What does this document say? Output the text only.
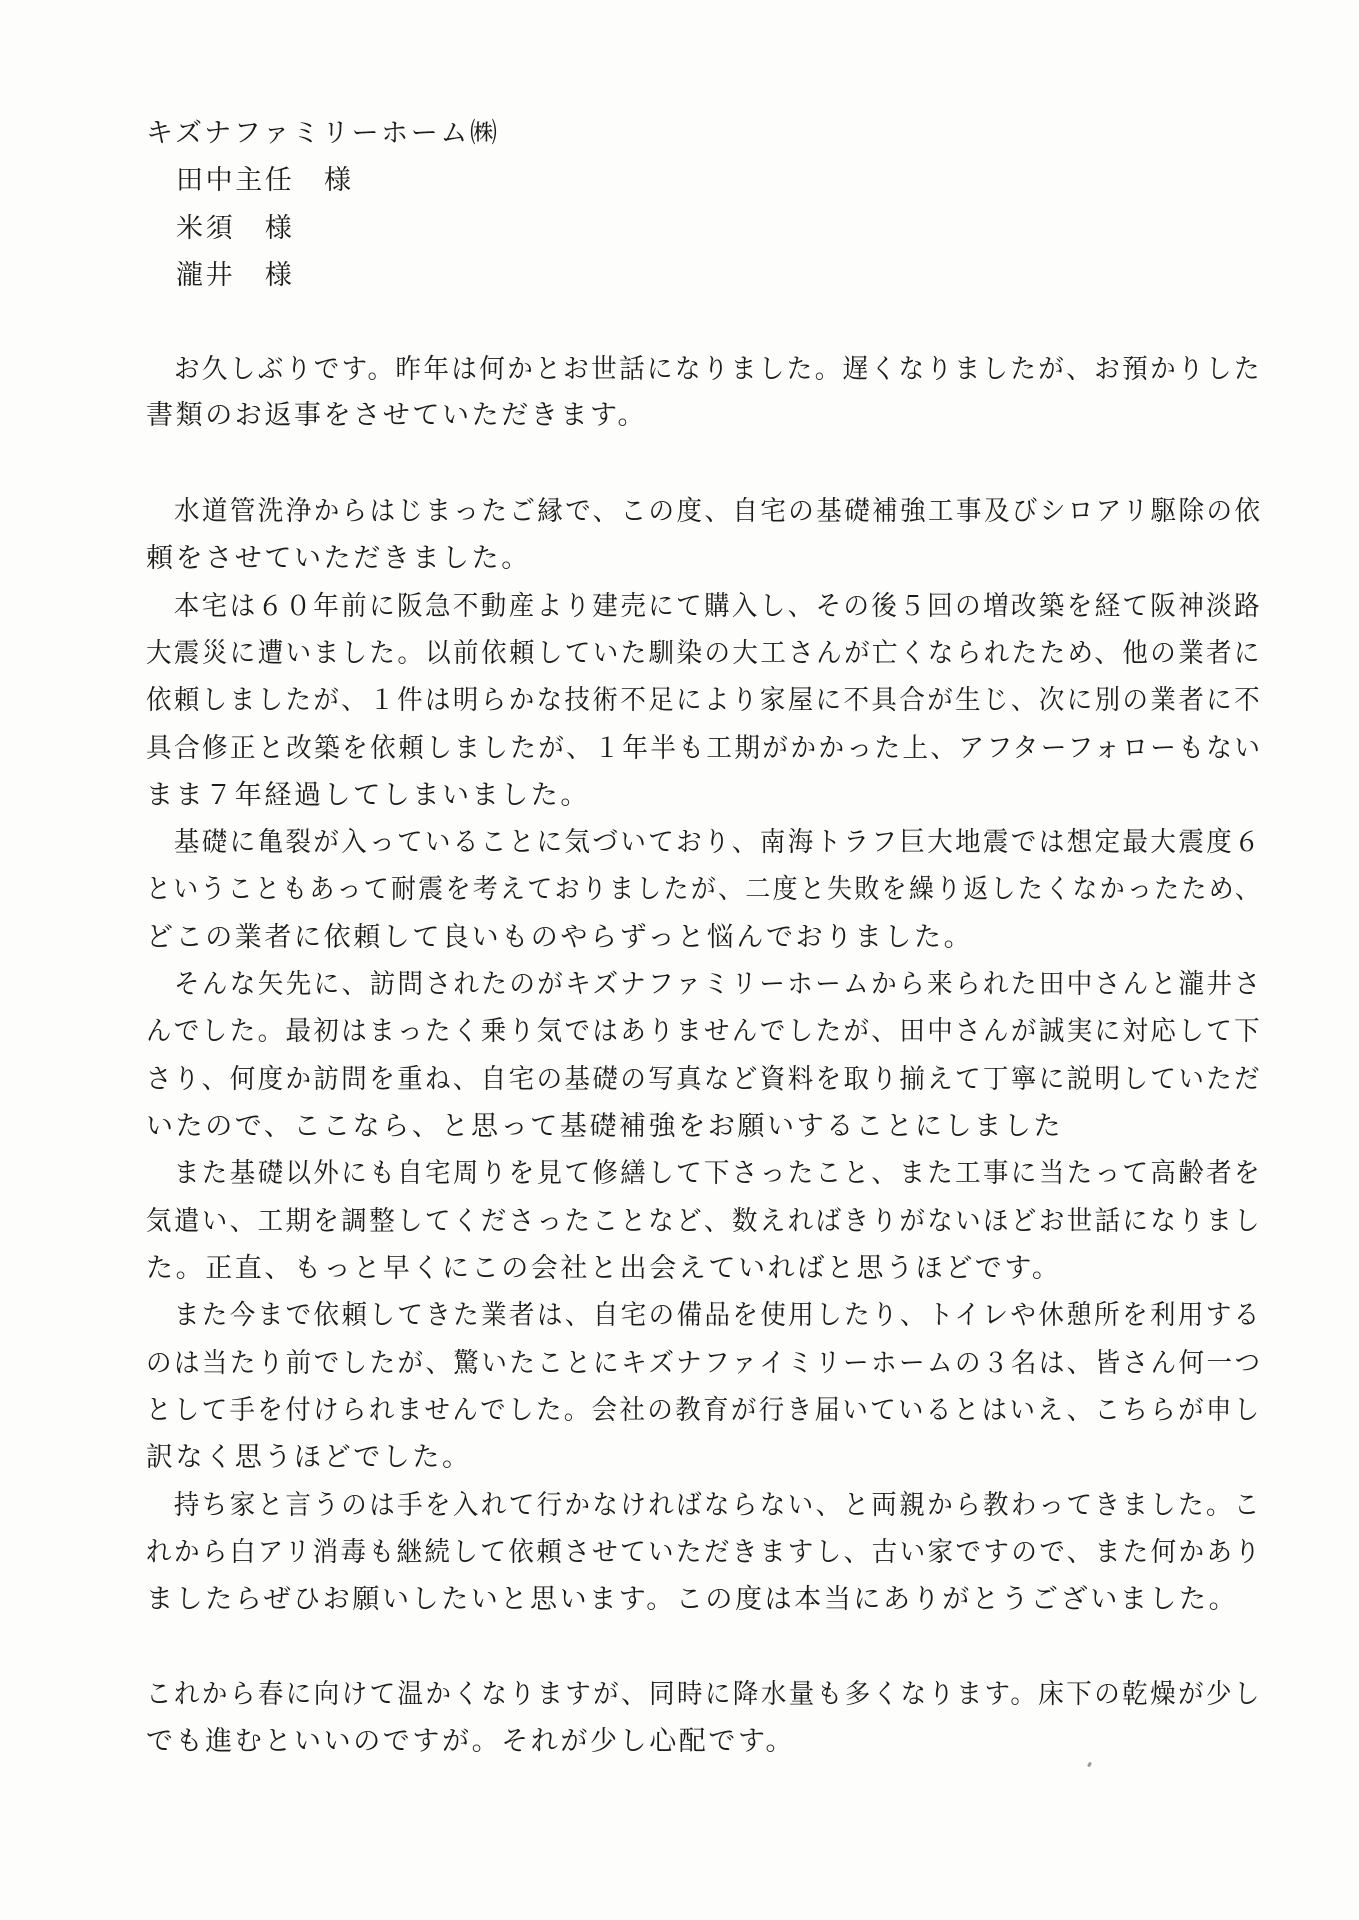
キズナファミリーホーム㈱
田中主任　様
米須　様
瀧井　様
　お久しぶりです。昨年は何かとお世話になりました。遅くなりましたが、お預かりした
書類のお返事をさせていただきます。
　水道管洗浄からはじまったご縁で、この度、自宅の基礎補強工事及びシロアリ駆除の依
頼をさせていただきました。
　本宅は６０年前に阪急不動産より建売にて購入し、その後５回の増改築を経て阪神淡路
大震災に遭いました。以前依頼していた馴染の大工さんが亡くなられたため、他の業者に
依頼しましたが、１件は明らかな技術不足により家屋に不具合が生じ、次に別の業者に不
具合修正と改築を依頼しましたが、１年半も工期がかかった上、アフターフォローもない
まま７年経過してしまいました。
　基礎に亀裂が入っていることに気づいており、南海トラフ巨大地震では想定最大震度６
ということもあって耐震を考えておりましたが、二度と失敗を繰り返したくなかったため、
どこの業者に依頼して良いものやらずっと悩んでおりました。
　そんな矢先に、訪問されたのがキズナファミリーホームから来られた田中さんと瀧井さ
んでした。最初はまったく乗り気ではありませんでしたが、田中さんが誠実に対応して下
さり、何度か訪問を重ね、自宅の基礎の写真など資料を取り揃えて丁寧に説明していただ
いたので、ここなら、と思って基礎補強をお願いすることにしました
　また基礎以外にも自宅周りを見て修繕して下さったこと、また工事に当たって高齢者を
気遣い、工期を調整してくださったことなど、数えればきりがないほどお世話になりまし
た。正直、もっと早くにこの会社と出会えていればと思うほどです。
　また今まで依頼してきた業者は、自宅の備品を使用したり、トイレや休憩所を利用する
のは当たり前でしたが、驚いたことにキズナファイミリーホームの３名は、皆さん何一つ
として手を付けられませんでした。会社の教育が行き届いているとはいえ、こちらが申し
訳なく思うほどでした。
　持ち家と言うのは手を入れて行かなければならない、と両親から教わってきました。こ
れから白アリ消毒も継続して依頼させていただきますし、古い家ですので、また何かあり
ましたらぜひお願いしたいと思います。この度は本当にありがとうございました。
これから春に向けて温かくなりますが、同時に降水量も多くなります。床下の乾燥が少し
でも進むといいのですが。それが少し心配です。
